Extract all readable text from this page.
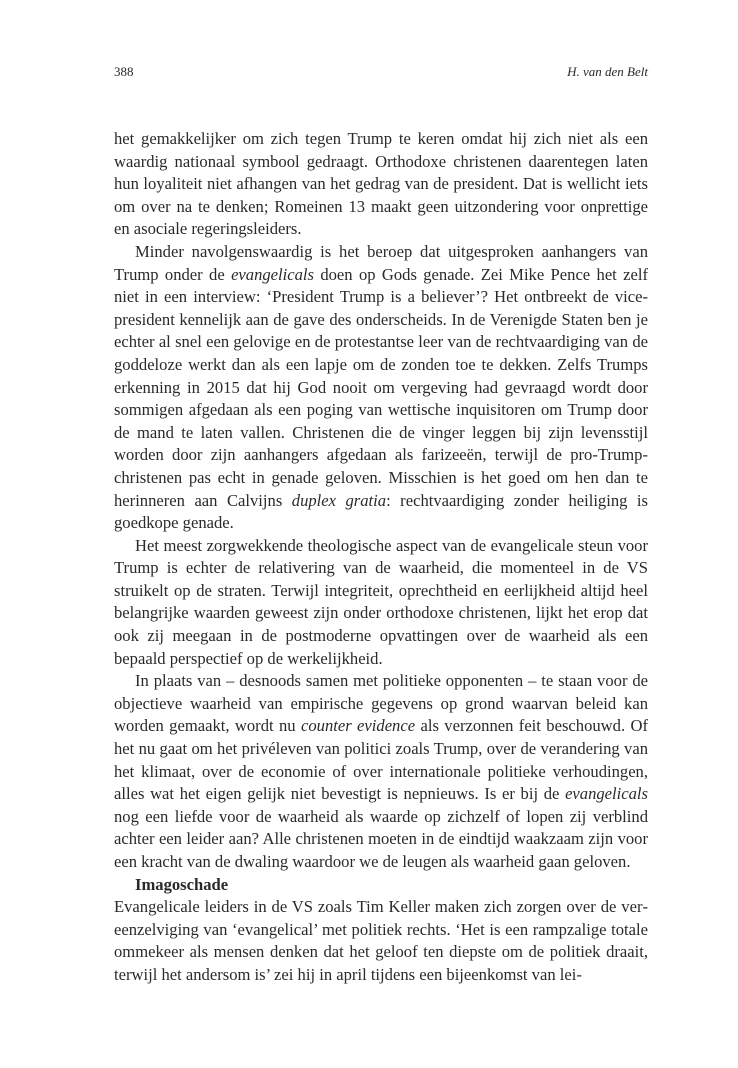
388	H. van den Belt

het gemakkelijker om zich tegen Trump te keren omdat hij zich niet als een waardig nationaal symbool gedraagt. Orthodoxe christenen daarentegen laten hun loyaliteit niet afhangen van het gedrag van de president. Dat is wellicht iets om over na te denken; Romeinen 13 maakt geen uitzondering voor onprettige en asociale regeringsleiders.

Minder navolgenswaardig is het beroep dat uitgesproken aanhangers van Trump onder de evangelicals doen op Gods genade. Zei Mike Pence het zelf niet in een interview: ‘President Trump is a believer’? Het ontbreekt de vicepresident kennelijk aan de gave des onderscheids. In de Verenigde Staten ben je echter al snel een gelovige en de protestantse leer van de rechtvaardiging van de goddeloze werkt dan als een lapje om de zonden toe te dekken. Zelfs Trumps erkenning in 2015 dat hij God nooit om vergeving had gevraagd wordt door sommigen afgedaan als een poging van wettische inquisitoren om Trump door de mand te laten vallen. Christenen die de vinger leggen bij zijn levensstijl worden door zijn aanhangers afgedaan als farizeeën, terwijl de pro-Trump-christenen pas echt in genade geloven. Misschien is het goed om hen dan te herinneren aan Calvijns duplex gratia: rechtvaardiging zonder heiliging is goedkope genade.

Het meest zorgwekkende theologische aspect van de evangelicale steun voor Trump is echter de relativering van de waarheid, die momenteel in de VS struikelt op de straten. Terwijl integriteit, oprechtheid en eerlijkheid altijd heel belangrijke waarden geweest zijn onder orthodoxe christenen, lijkt het erop dat ook zij meegaan in de postmoderne opvattingen over de waarheid als een bepaald perspectief op de werkelijkheid.

In plaats van – desnoods samen met politieke opponenten – te staan voor de objectieve waarheid van empirische gegevens op grond waarvan beleid kan worden gemaakt, wordt nu counter evidence als verzonnen feit beschouwd. Of het nu gaat om het privéleven van politici zoals Trump, over de verandering van het klimaat, over de economie of over internationale politieke verhoudingen, alles wat het eigen gelijk niet bevestigt is nepnieuws. Is er bij de evangelicals nog een liefde voor de waarheid als waarde op zichzelf of lopen zij verblind achter een leider aan? Alle christenen moeten in de eindtijd waakzaam zijn voor een kracht van de dwaling waardoor we de leugen als waarheid gaan geloven.

Imagoschade

Evangelicale leiders in de VS zoals Tim Keller maken zich zorgen over de vereenzelviging van ‘evangelical’ met politiek rechts. ‘Het is een rampzalige totale ommekeer als mensen denken dat het geloof ten diepste om de politiek draait, terwijl het andersom is’ zei hij in april tijdens een bijeenkomst van lei-
